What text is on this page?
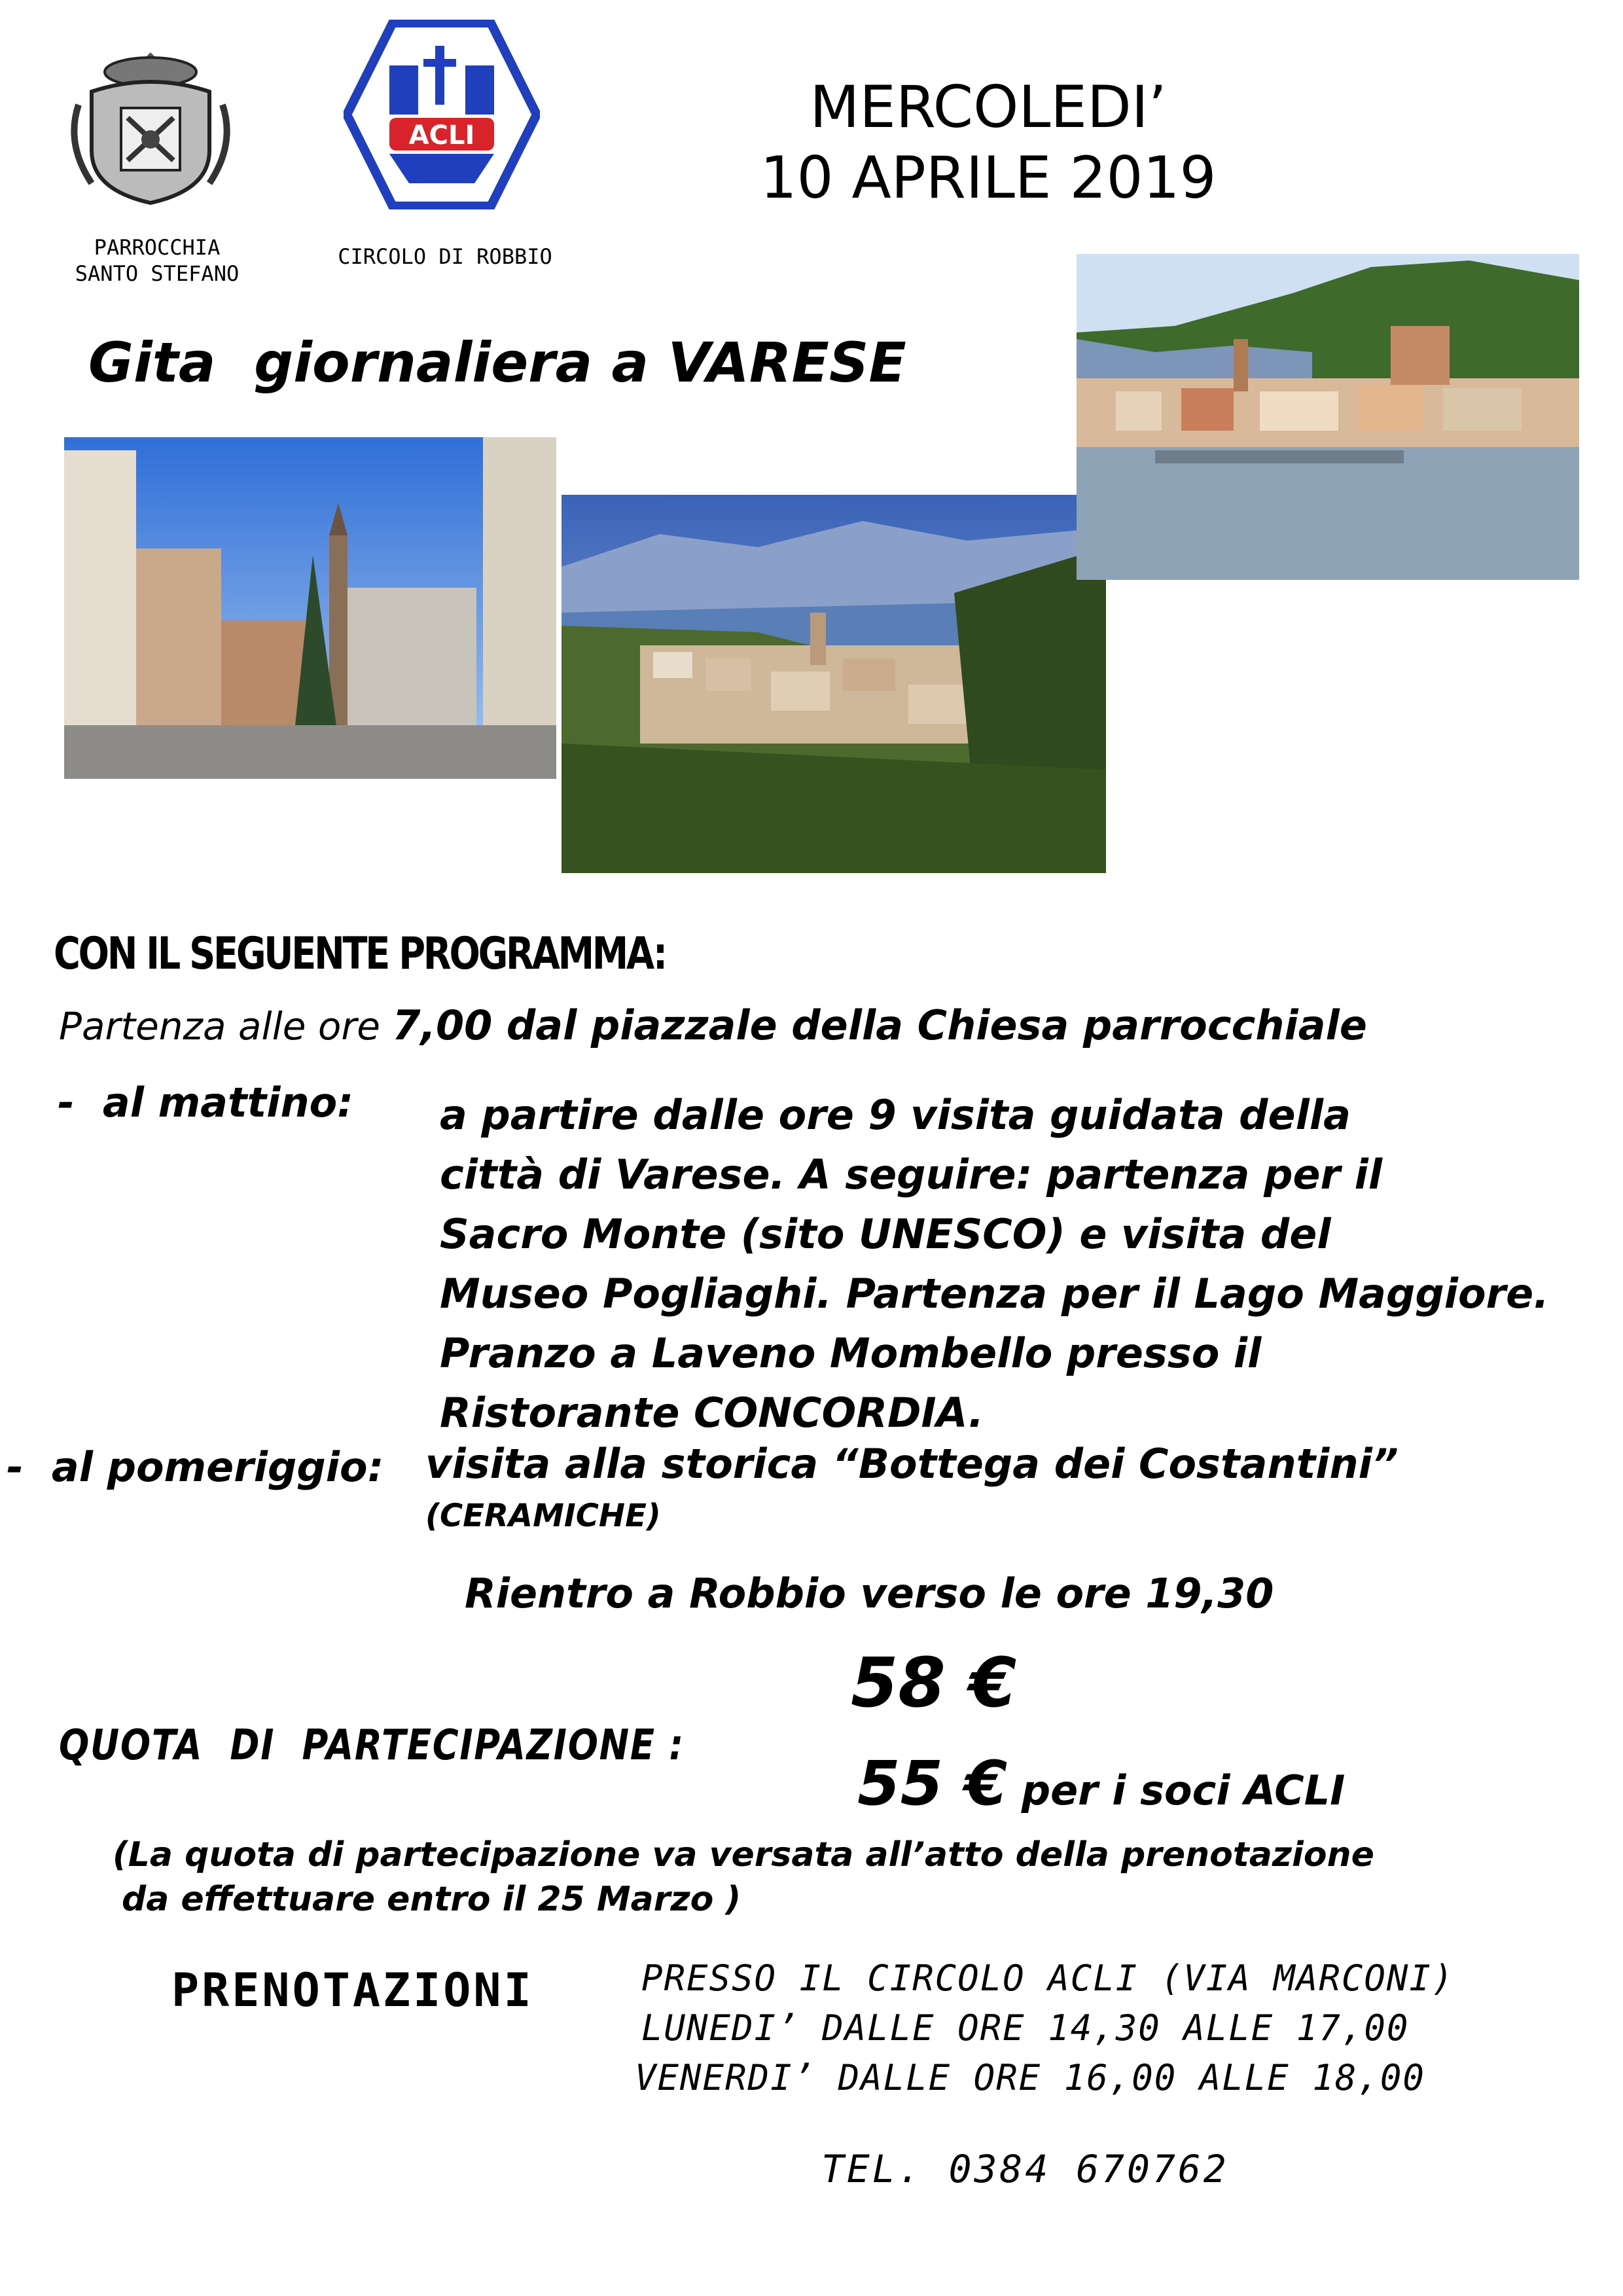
PARROCCHIA
SANTO STEFANO
ACLI
CIRCOLO DI ROBBIO
MERCOLEDI’
10 APRILE 2019
Gita  giornaliera a VARESE
CON IL SEGUENTE PROGRAMMA:
Partenza alle ore 7,00 dal piazzale della Chiesa parrocchiale
-  al mattino: a partire dalle ore 9 visita guidata della
città di Varese. A seguire: partenza per il
Sacro Monte (sito UNESCO) e visita del
Museo Pogliaghi. Partenza per il Lago Maggiore.
Pranzo a Laveno Mombello presso il
Ristorante CONCORDIA.
-  al pomeriggio: visita alla storica “Bottega dei Costantini”
(CERAMICHE)
Rientro a Robbio verso le ore 19,30
QUOTA  DI  PARTECIPAZIONE :
58 €

55 € per i soci ACLI

(La quota di partecipazione va versata all’atto della prenotazione
da effettuare entro il 25 Marzo )
PRENOTAZIONI	PRESSO IL CIRCOLO ACLI (VIA MARCONI)
LUNEDI’ DALLE ORE 14,30 ALLE 17,00
VENERDI’ DALLE ORE 16,00 ALLE 18,00
TEL. 0384 670762
